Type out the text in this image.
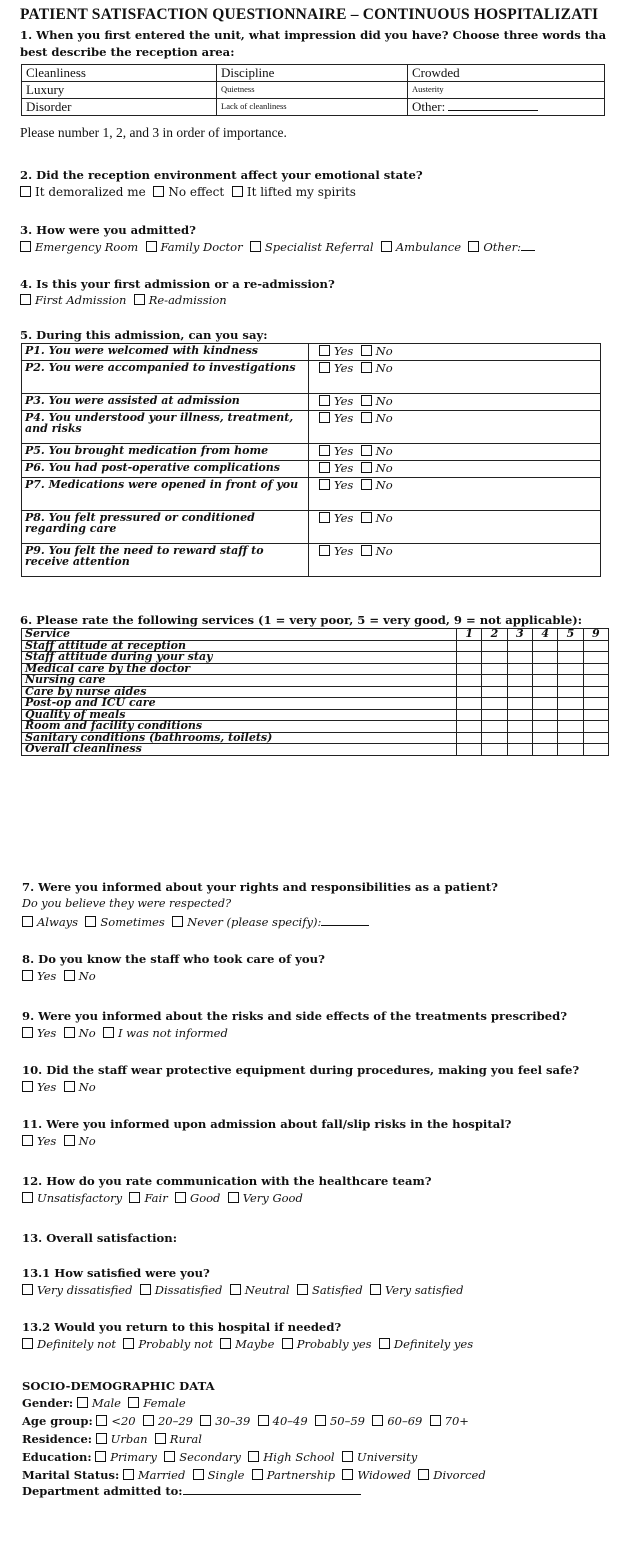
PATIENT SATISFACTION QUESTIONNAIRE – CONTINUOUS HOSPITALIZATI
1. When you first entered the unit, what impression did you have? Choose three words tha
best describe the reception area:
Cleanliness	Discipline	Crowded
Luxury	Quietness	Austerity
Disorder	Lack of cleanliness	Other:
Please number 1, 2, and 3 in order of importance.
2. Did the reception environment affect your emotional state?
It demoralized me No effect It lifted my spirits
3. How were you admitted?
Emergency Room Family Doctor Specialist Referral Ambulance Other:
4. Is this your first admission or a re-admission?
First Admission Re-admission
5. During this admission, can you say:
P1. You were welcomed with kindness	Yes No
P2. You were accompanied to investigations	Yes No
P3. You were assisted at admission	Yes No
P4. You understood your illness, treatment, and risks	Yes No
P5. You brought medication from home	Yes No
P6. You had post-operative complications	Yes No
P7. Medications were opened in front of you	Yes No
P8. You felt pressured or conditioned regarding care	Yes No
P9. You felt the need to reward staff to receive attention	Yes No
6. Please rate the following services (1 = very poor, 5 = very good, 9 = not applicable):
Service	1	2	3	4	5	9
Staff attitude at reception						
Staff attitude during your stay						
Medical care by the doctor						
Nursing care						
Care by nurse aides						
Post-op and ICU care						
Quality of meals						
Room and facility conditions						
Sanitary conditions (bathrooms, toilets)						
Overall cleanliness						
7. Were you informed about your rights and responsibilities as a patient?
Do you believe they were respected?
Always Sometimes Never (please specify):
8. Do you know the staff who took care of you?
Yes No
9. Were you informed about the risks and side effects of the treatments prescribed?
Yes No I was not informed
10. Did the staff wear protective equipment during procedures, making you feel safe?
Yes No
11. Were you informed upon admission about fall/slip risks in the hospital?
Yes No
12. How do you rate communication with the healthcare team?
Unsatisfactory Fair Good Very Good
13. Overall satisfaction:
13.1 How satisfied were you?
Very dissatisfied Dissatisfied Neutral Satisfied Very satisfied
13.2 Would you return to this hospital if needed?
Definitely not Probably not Maybe Probably yes Definitely yes
SOCIO-DEMOGRAPHIC DATA
Gender: Male Female
Age group: <20 20–29 30–39 40–49 50–59 60–69 70+
Residence: Urban Rural
Education: Primary Secondary High School University
Marital Status: Married Single Partnership Widowed Divorced
Department admitted to:
